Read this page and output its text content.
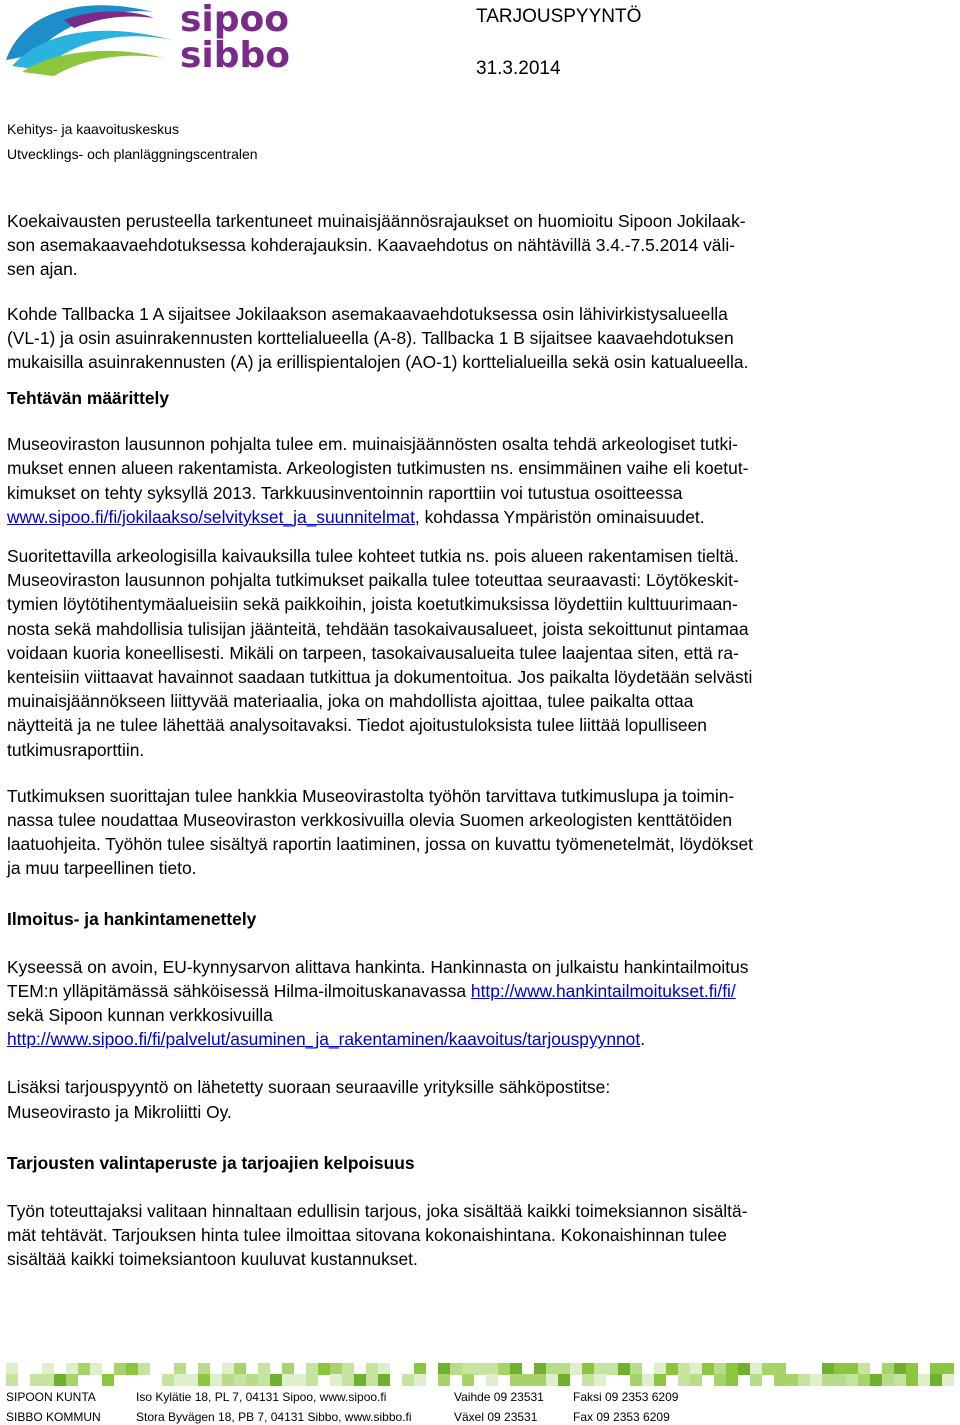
sipoo
sibbo
TARJOUSPYYNTÖ
31.3.2014
Kehitys- ja kaavoituskeskus
Utvecklings- och planläggningscentralen

Koekaivausten perusteella tarkentuneet muinaisjäännösrajaukset on huomioitu Sipoon Jokilaak-

son asemakaavaehdotuksessa kohderajauksin. Kaavaehdotus on nähtävillä 3.4.-7.5.2014 väli-

sen ajan.

Kohde Tallbacka 1 A sijaitsee Jokilaakson asemakaavaehdotuksessa osin lähivirkistysalueella

(VL-1) ja osin asuinrakennusten korttelialueella (A-8). Tallbacka 1 B sijaitsee kaavaehdotuksen

mukaisilla asuinrakennusten (A) ja erillispientalojen (AO-1) korttelialueilla sekä osin katualueella.

Tehtävän määrittely

Museoviraston lausunnon pohjalta tulee em. muinaisjäännösten osalta tehdä arkeologiset tutki-

mukset ennen alueen rakentamista. Arkeologisten tutkimusten ns. ensimmäinen vaihe eli koetut-

kimukset on tehty syksyllä 2013. Tarkkuusinventoinnin raporttiin voi tutustua osoitteessa

www.sipoo.fi/fi/jokilaakso/selvitykset_ja_suunnitelmat, kohdassa Ympäristön ominaisuudet.

Suoritettavilla arkeologisilla kaivauksilla tulee kohteet tutkia ns. pois alueen rakentamisen tieltä.

Museoviraston lausunnon pohjalta tutkimukset paikalla tulee toteuttaa seuraavasti: Löytökeskit-

tymien löytötihentymäalueisiin sekä paikkoihin, joista koetutkimuksissa löydettiin kulttuurimaan-

nosta sekä mahdollisia tulisijan jäänteitä, tehdään tasokaivausalueet, joista sekoittunut pintamaa

voidaan kuoria koneellisesti. Mikäli on tarpeen, tasokaivausalueita tulee laajentaa siten, että ra-

kenteisiin viittaavat havainnot saadaan tutkittua ja dokumentoitua. Jos paikalta löydetään selvästi

muinaisjäännökseen liittyvää materiaalia, joka on mahdollista ajoittaa, tulee paikalta ottaa

näytteitä ja ne tulee lähettää analysoitavaksi. Tiedot ajoitustuloksista tulee liittää lopulliseen

tutkimusraporttiin.

Tutkimuksen suorittajan tulee hankkia Museovirastolta työhön tarvittava tutkimuslupa ja toimin-

nassa tulee noudattaa Museoviraston verkkosivuilla olevia Suomen arkeologisten kenttätöiden

laatuohjeita. Työhön tulee sisältyä raportin laatiminen, jossa on kuvattu työmenetelmät, löydökset

ja muu tarpeellinen tieto.

Ilmoitus- ja hankintamenettely

Kyseessä on avoin, EU-kynnysarvon alittava hankinta. Hankinnasta on julkaistu hankintailmoitus

TEM:n ylläpitämässä sähköisessä Hilma-ilmoituskanavassa http://www.hankintailmoitukset.fi/fi/

sekä Sipoon kunnan verkkosivuilla

http://www.sipoo.fi/fi/palvelut/asuminen_ja_rakentaminen/kaavoitus/tarjouspyynnot.

Lisäksi tarjouspyyntö on lähetetty suoraan seuraaville yrityksille sähköpostitse:

Museovirasto ja Mikroliitti Oy.

Tarjousten valintaperuste ja tarjoajien kelpoisuus

Työn toteuttajaksi valitaan hinnaltaan edullisin tarjous, joka sisältää kaikki toimeksiannon sisältä-

mät tehtävät. Tarjouksen hinta tulee ilmoittaa sitovana kokonaishintana. Kokonaishinnan tulee

sisältää kaikki toimeksiantoon kuuluvat kustannukset.

SIPOON KUNTA	Iso Kylätie 18, PL 7, 04131 Sipoo, www.sipoo.fi	Vaihde 09 23531 Faksi 09 2353 6209
SIBBO KOMMUN	Stora Byvägen 18, PB 7, 04131 Sibbo, www.sibbo.fi	Växel 09 23531	Fax 09 2353 6209
